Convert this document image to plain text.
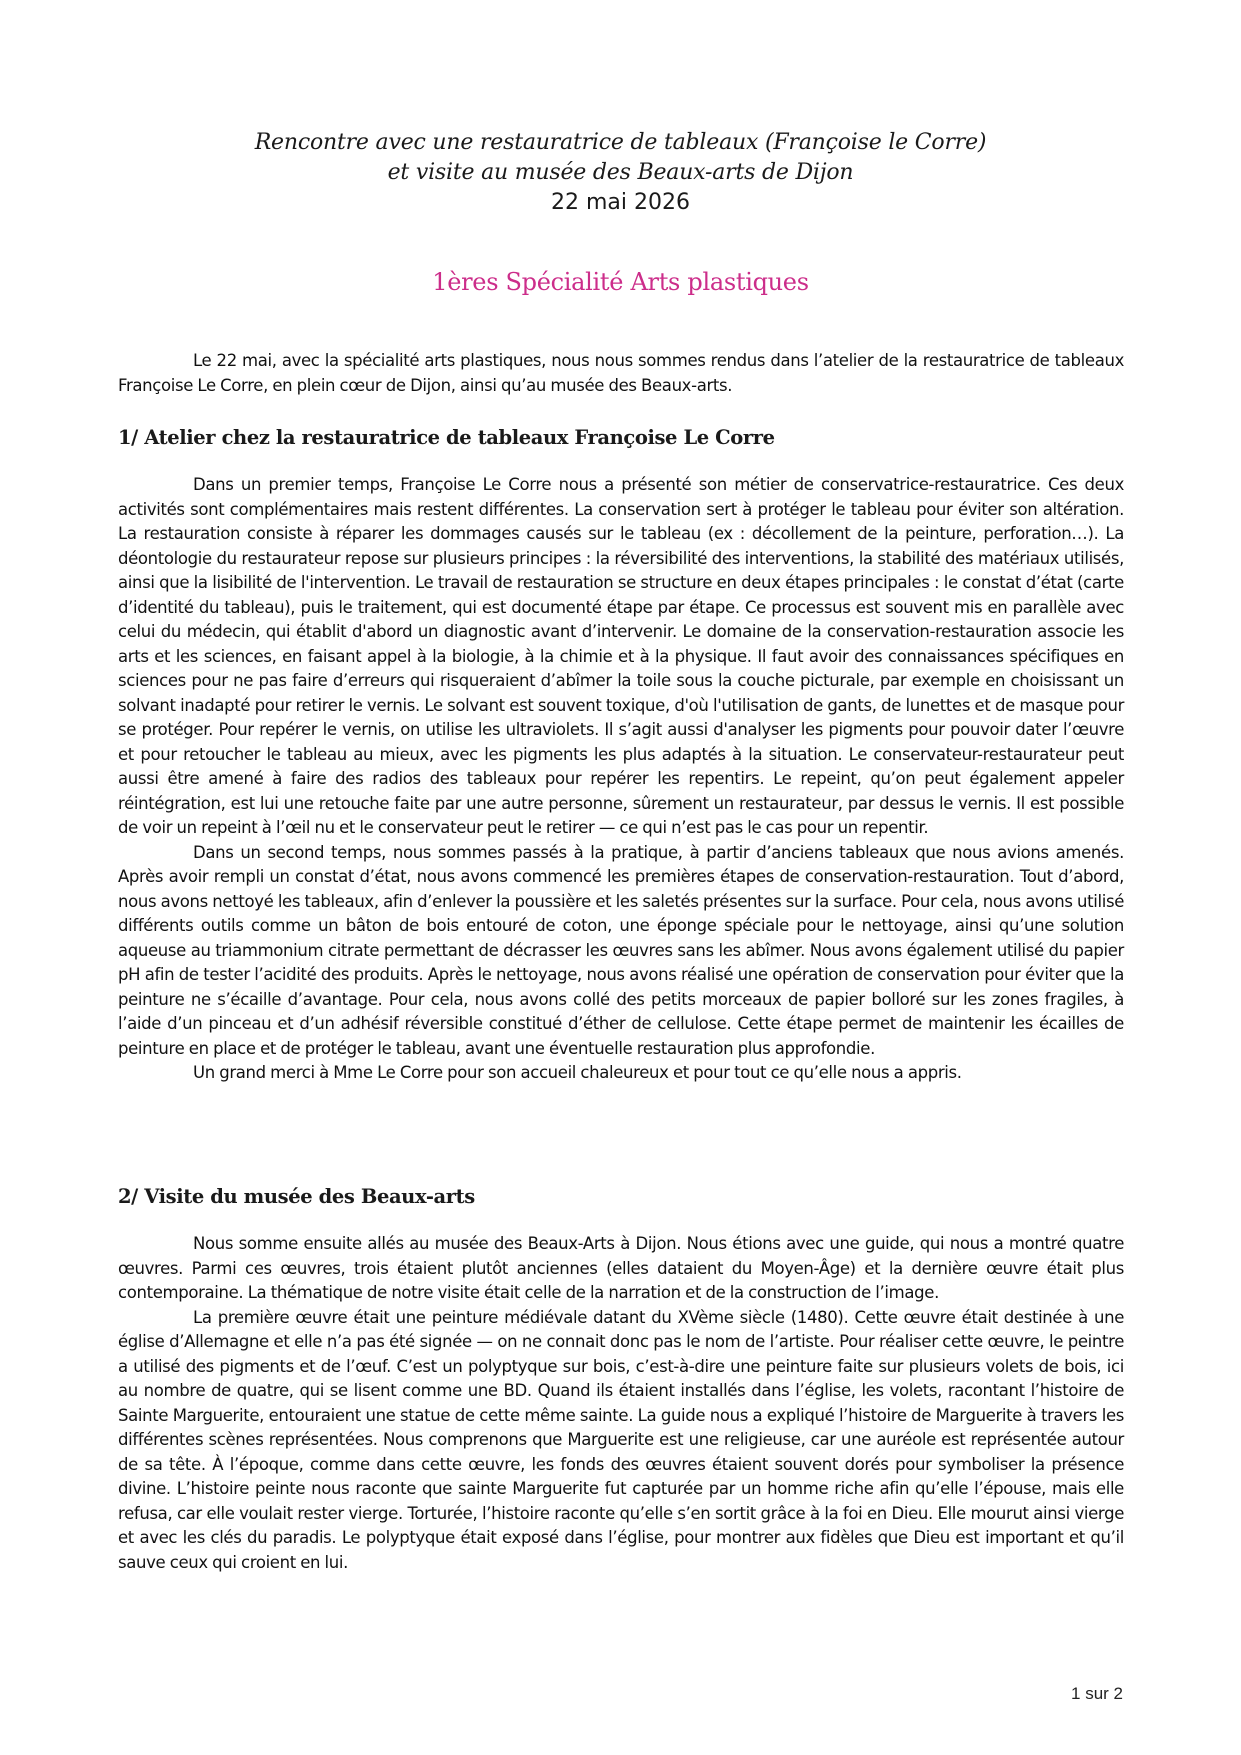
Rencontre avec une restauratrice de tableaux (Françoise le Corre)

et visite au musée des Beaux-arts de Dijon

22 mai 2026

1ères Spécialité Arts plastiques

Le 22 mai, avec la spécialité arts plastiques, nous nous sommes rendus dans l’atelier de la restauratrice de tableaux Françoise Le Corre, en plein cœur de Dijon, ainsi qu’au musée des Beaux-arts.

1/ Atelier chez la restauratrice de tableaux Françoise Le Corre

Dans un premier temps, Françoise Le Corre nous a présenté son métier de conservatrice-restauratrice. Ces deux activités sont complémentaires mais restent différentes. La conservation sert à protéger le tableau pour éviter son altération. La restauration consiste à réparer les dommages causés sur le tableau (ex : décollement de la peinture, perforation…). La déontologie du restaurateur repose sur plusieurs principes : la réversibilité des interventions, la stabilité des matériaux utilisés, ainsi que la lisibilité de l'intervention. Le travail de restauration se structure en deux étapes principales : le constat d’état (carte d’identité du tableau), puis le traitement, qui est documenté étape par étape. Ce processus est souvent mis en parallèle avec celui du médecin, qui établit d'abord un diagnostic avant d’intervenir. Le domaine de la conservation-restauration associe les arts et les sciences, en faisant appel à la biologie, à la chimie et à la physique. Il faut avoir des connaissances spécifiques en sciences pour ne pas faire d’erreurs qui risqueraient d’abîmer la toile sous la couche picturale, par exemple en choisissant un solvant inadapté pour retirer le vernis. Le solvant est souvent toxique, d'où l'utilisation de gants, de lunettes et de masque pour se protéger. Pour repérer le vernis, on utilise les ultraviolets. Il s’agit aussi d'analyser les pigments pour pouvoir dater l’œuvre et pour retoucher le tableau au mieux, avec les pigments les plus adaptés à la situation. Le conservateur-restaurateur peut aussi être amené à faire des radios des tableaux pour repérer les repentirs. Le repeint, qu’on peut également appeler réintégration, est lui une retouche faite par une autre personne, sûrement un restaurateur, par dessus le vernis. Il est possible de voir un repeint à l’œil nu et le conservateur peut le retirer — ce qui n’est pas le cas pour un repentir.

Dans un second temps, nous sommes passés à la pratique, à partir d’anciens tableaux que nous avions amenés. Après avoir rempli un constat d’état, nous avons commencé les premières étapes de conservation-restauration. Tout d’abord, nous avons nettoyé les tableaux, afin d’enlever la poussière et les saletés présentes sur la surface. Pour cela, nous avons utilisé différents outils comme un bâton de bois entouré de coton, une éponge spéciale pour le nettoyage, ainsi qu’une solution aqueuse au triammonium citrate permettant de décrasser les œuvres sans les abîmer. Nous avons également utilisé du papier pH afin de tester l’acidité des produits. Après le nettoyage, nous avons réalisé une opération de conservation pour éviter que la peinture ne s’écaille d’avantage. Pour cela, nous avons collé des petits morceaux de papier bolloré sur les zones fragiles, à l’aide d’un pinceau et d’un adhésif réversible constitué d’éther de cellulose. Cette étape permet de maintenir les écailles de peinture en place et de protéger le tableau, avant une éventuelle restauration plus approfondie.

Un grand merci à Mme Le Corre pour son accueil chaleureux et pour tout ce qu’elle nous a appris.

2/ Visite du musée des Beaux-arts

Nous somme ensuite allés au musée des Beaux-Arts à Dijon. Nous étions avec une guide, qui nous a montré quatre œuvres. Parmi ces œuvres, trois étaient plutôt anciennes (elles dataient du Moyen-Âge) et la dernière œuvre était plus contemporaine. La thématique de notre visite était celle de la narration et de la construction de l’image.

La première œuvre était une peinture médiévale datant du XVème siècle (1480). Cette œuvre était destinée à une église d’Allemagne et elle n’a pas été signée — on ne connait donc pas le nom de l’artiste. Pour réaliser cette œuvre, le peintre a utilisé des pigments et de l’œuf. C’est un polyptyque sur bois, c’est-à-dire une peinture faite sur plusieurs volets de bois, ici au nombre de quatre, qui se lisent comme une BD. Quand ils étaient installés dans l’église, les volets, racontant l’histoire de Sainte Marguerite, entouraient une statue de cette même sainte. La guide nous a expliqué l’histoire de Marguerite à travers les différentes scènes représentées. Nous comprenons que Marguerite est une religieuse, car une auréole est représentée autour de sa tête. À l’époque, comme dans cette œuvre, les fonds des œuvres étaient souvent dorés pour symboliser la présence divine. L’histoire peinte nous raconte que sainte Marguerite fut capturée par un homme riche afin qu’elle l’épouse, mais elle refusa, car elle voulait rester vierge. Torturée, l’histoire raconte qu’elle s’en sortit grâce à la foi en Dieu. Elle mourut ainsi vierge et avec les clés du paradis. Le polyptyque était exposé dans l’église, pour montrer aux fidèles que Dieu est important et qu’il sauve ceux qui croient en lui.

1 sur 2
